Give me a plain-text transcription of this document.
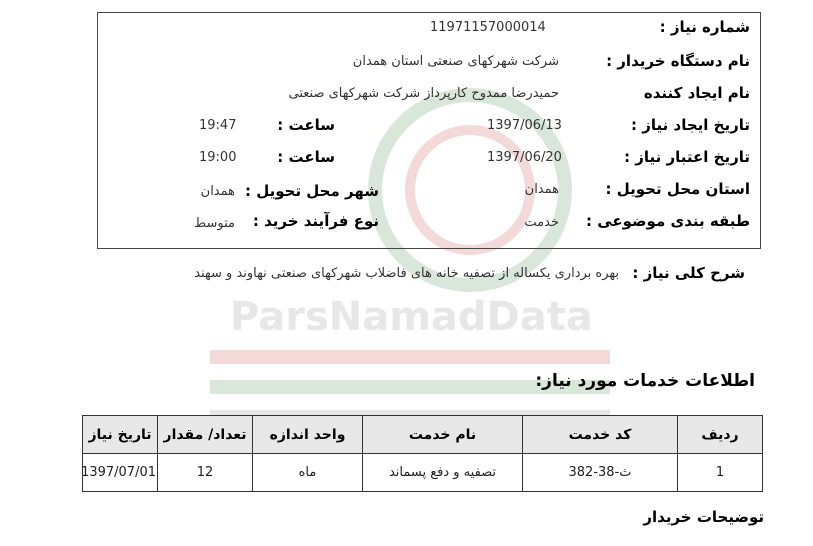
ParsNamadData
شماره نیاز :
11971157000014
نام دستگاه خریدار :
شرکت شهرکهای صنعتی استان همدان
نام ایجاد کننده
حمیدرضا ممدوح کارپرداز شرکت شهرکهای صنعتی
تاریخ ایجاد نیاز :
1397/06/13
ساعت :
19:47
تاریخ اعتبار نیاز :
1397/06/20
ساعت :
19:00
استان محل تحویل :
همدان
شهر محل تحویل :
همدان
طبقه بندی موضوعی :
خدمت
نوع فرآیند خرید :
متوسط
شرح کلی نیاز :
بهره برداری یکساله از تصفیه خانه های فاضلاب شهرکهای صنعتی نهاوند و سهند
اطلاعات خدمات مورد نیاز:
ردیف	کد خدمت	نام خدمت	واحد اندازه	تعداد/ مقدار	تاریخ نیاز
1	ث-38-382	تصفیه و دفع پسماند	ماه	12	1397/07/01
توضیحات خریدار
